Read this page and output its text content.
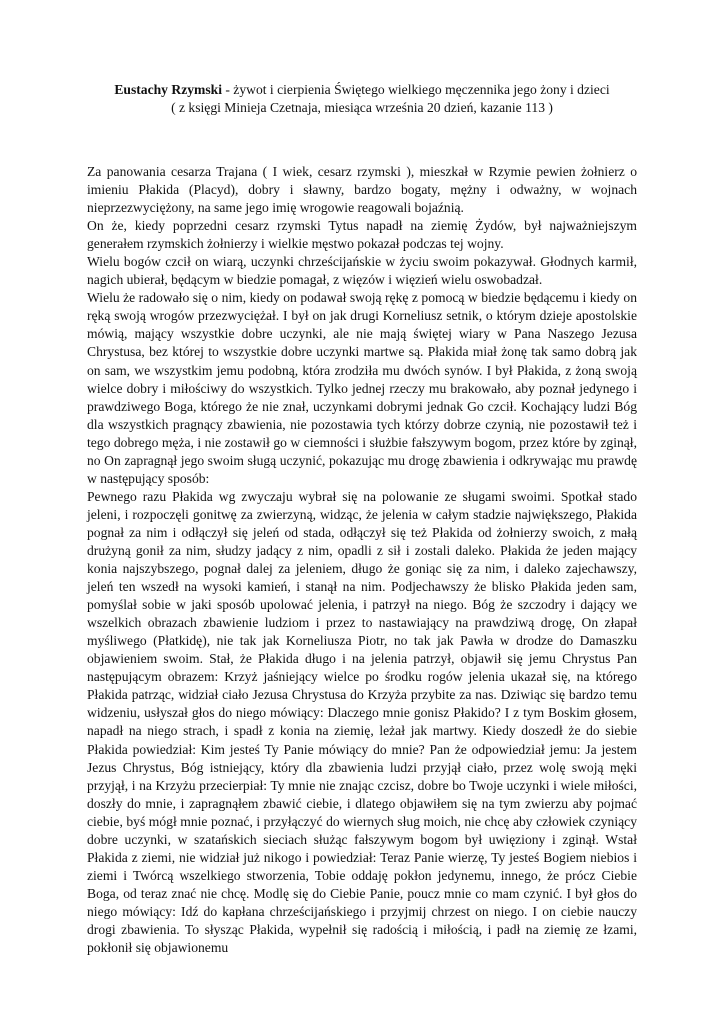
Eustachy Rzymski - żywot i cierpienia Świętego wielkiego męczennika jego żony i dzieci
( z księgi Minieja Czetnaja, miesiąca września 20 dzień, kazanie 113 )

Za panowania cesarza Trajana ( I wiek, cesarz rzymski ), mieszkał w Rzymie pewien żołnierz o imieniu Płakida (Placyd), dobry i sławny, bardzo bogaty, mężny i odważny, w wojnach nieprzezwyciężony, na same jego imię wrogowie reagowali bojaźnią.

On że, kiedy poprzedni cesarz rzymski Tytus napadł na ziemię Żydów, był najważniejszym generałem rzymskich żołnierzy i wielkie męstwo pokazał podczas tej wojny.

Wielu bogów czcił on wiarą, uczynki chrześcijańskie w życiu swoim pokazywał. Głodnych karmił, nagich ubierał, będącym w biedzie pomagał, z więzów i więzień wielu oswobadzał.

Wielu że radowało się o nim, kiedy on podawał swoją rękę z pomocą w biedzie będącemu i kiedy on ręką swoją wrogów przezwyciężał. I był on jak drugi Korneliusz setnik, o którym dzieje apostolskie mówią, mający wszystkie dobre uczynki, ale nie mają świętej wiary w Pana Naszego Jezusa Chrystusa, bez której to wszystkie dobre uczynki martwe są. Płakida miał żonę tak samo dobrą jak on sam, we wszystkim jemu podobną, która zrodziła mu dwóch synów. I był Płakida, z żoną swoją wielce dobry i miłościwy do wszystkich. Tylko jednej rzeczy mu brakowało, aby poznał jedynego i prawdziwego Boga, którego że nie znał, uczynkami dobrymi jednak Go czcił. Kochający ludzi Bóg dla wszystkich pragnący zbawienia, nie pozostawia tych którzy dobrze czynią, nie pozostawił też i tego dobrego męża, i nie zostawił go w ciemności i służbie fałszywym bogom, przez które by zginął, no On zapragnął jego swoim sługą uczynić, pokazując mu drogę zbawienia i odkrywając mu prawdę w następujący sposób:

Pewnego razu Płakida wg zwyczaju wybrał się na polowanie ze sługami swoimi. Spotkał stado jeleni, i rozpoczęli gonitwę za zwierzyną, widząc, że jelenia w całym stadzie największego, Płakida pognał za nim i odłączył się jeleń od stada, odłączył się też Płakida od żołnierzy swoich, z małą drużyną gonił za nim, słudzy jadący z nim, opadli z sił i zostali daleko. Płakida że jeden mający konia najszybszego, pognał dalej za jeleniem, długo że goniąc się za nim, i daleko zajechawszy, jeleń ten wszedł na wysoki kamień, i stanął na nim. Podjechawszy że blisko Płakida jeden sam, pomyślał sobie w jaki sposób upolować jelenia, i patrzył na niego. Bóg że szczodry i dający we wszelkich obrazach zbawienie ludziom i przez to nastawiający na prawdziwą drogę, On złapał myśliwego (Płatkidę), nie tak jak Korneliusza Piotr, no tak jak Pawła w drodze do Damaszku objawieniem swoim. Stał, że Płakida długo i na jelenia patrzył, objawił się jemu Chrystus Pan następującym obrazem: Krzyż jaśniejący wielce po środku rogów jelenia ukazał się, na którego Płakida patrząc, widział ciało Jezusa Chrystusa do Krzyża przybite za nas. Dziwiąc się bardzo temu widzeniu, usłyszał głos do niego mówiący: Dlaczego mnie gonisz Płakido? I z tym Boskim głosem, napadł na niego strach, i spadł z konia na ziemię, leżał jak martwy. Kiedy doszedł że do siebie Płakida powiedział: Kim jesteś Ty Panie mówiący do mnie? Pan że odpowiedział jemu: Ja jestem Jezus Chrystus, Bóg istniejący, który dla zbawienia ludzi przyjął ciało, przez wolę swoją męki przyjął, i na Krzyżu przecierpiał: Ty mnie nie znając czcisz, dobre bo Twoje uczynki i wiele miłości, doszły do mnie, i zapragnąłem zbawić ciebie, i dlatego objawiłem się na tym zwierzu aby pojmać ciebie, byś mógł mnie poznać, i przyłączyć do wiernych sług moich, nie chcę aby człowiek czyniący dobre uczynki, w szatańskich sieciach służąc fałszywym bogom był uwięziony i zginął. Wstał Płakida z ziemi, nie widział już nikogo i powiedział: Teraz Panie wierzę, Ty jesteś Bogiem niebios i ziemi i Twórcą wszelkiego stworzenia, Tobie oddaję pokłon jedynemu, innego, że prócz Ciebie Boga, od teraz znać nie chcę. Modlę się do Ciebie Panie, poucz mnie co mam czynić. I był głos do niego mówiący: Idź do kapłana chrześcijańskiego i przyjmij chrzest on niego. I on ciebie nauczy drogi zbawienia. To słysząc Płakida, wypełnił się radością i miłością, i padł na ziemię ze łzami, pokłonił się objawionemu
